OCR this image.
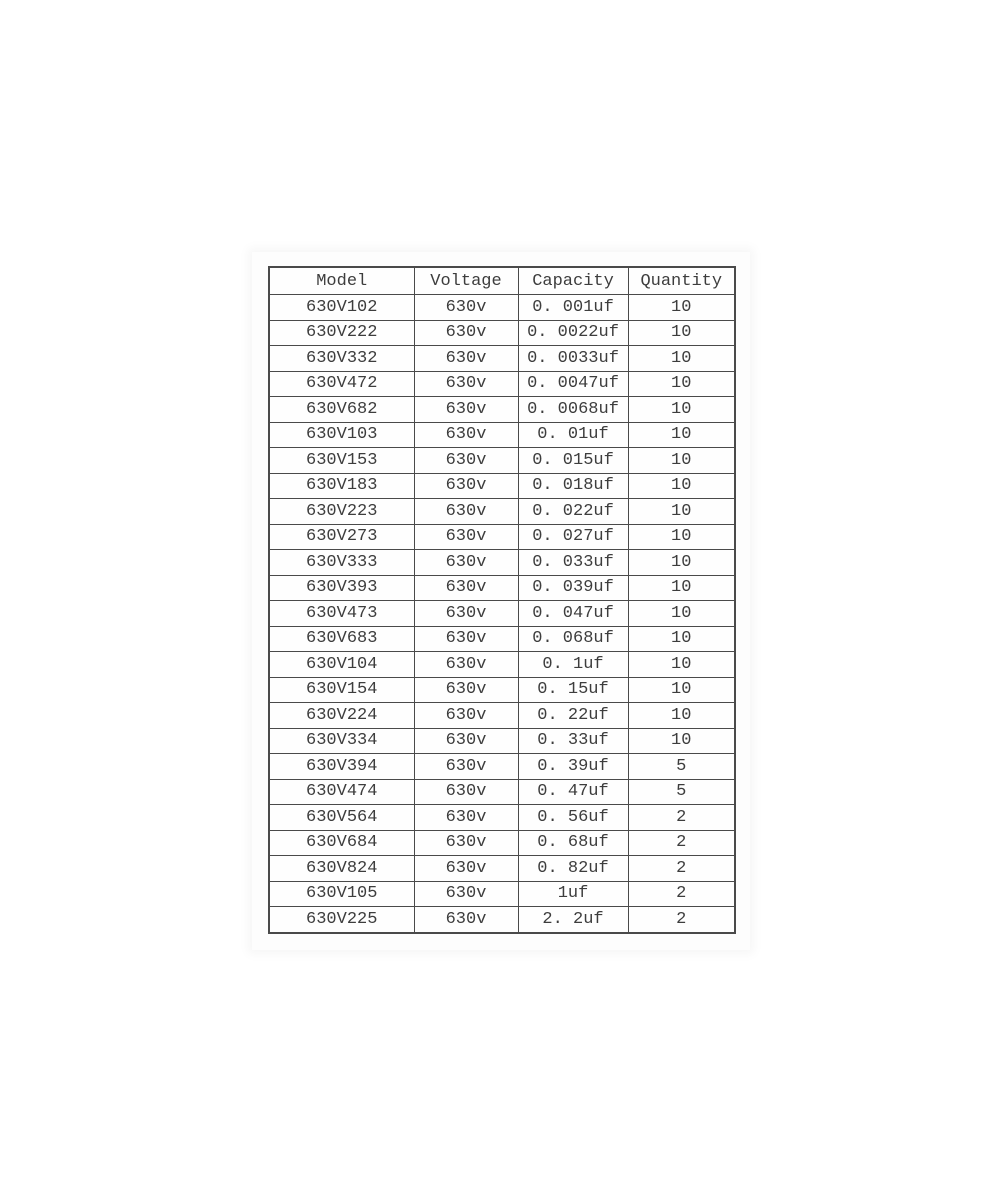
Model	Voltage	Capacity	Quantity
630V102	630v	0. 001uf	10
630V222	630v	0. 0022uf	10
630V332	630v	0. 0033uf	10
630V472	630v	0. 0047uf	10
630V682	630v	0. 0068uf	10
630V103	630v	0. 01uf	10
630V153	630v	0. 015uf	10
630V183	630v	0. 018uf	10
630V223	630v	0. 022uf	10
630V273	630v	0. 027uf	10
630V333	630v	0. 033uf	10
630V393	630v	0. 039uf	10
630V473	630v	0. 047uf	10
630V683	630v	0. 068uf	10
630V104	630v	0. 1uf	10
630V154	630v	0. 15uf	10
630V224	630v	0. 22uf	10
630V334	630v	0. 33uf	10
630V394	630v	0. 39uf	5
630V474	630v	0. 47uf	5
630V564	630v	0. 56uf	2
630V684	630v	0. 68uf	2
630V824	630v	0. 82uf	2
630V105	630v	1uf	2
630V225	630v	2. 2uf	2
